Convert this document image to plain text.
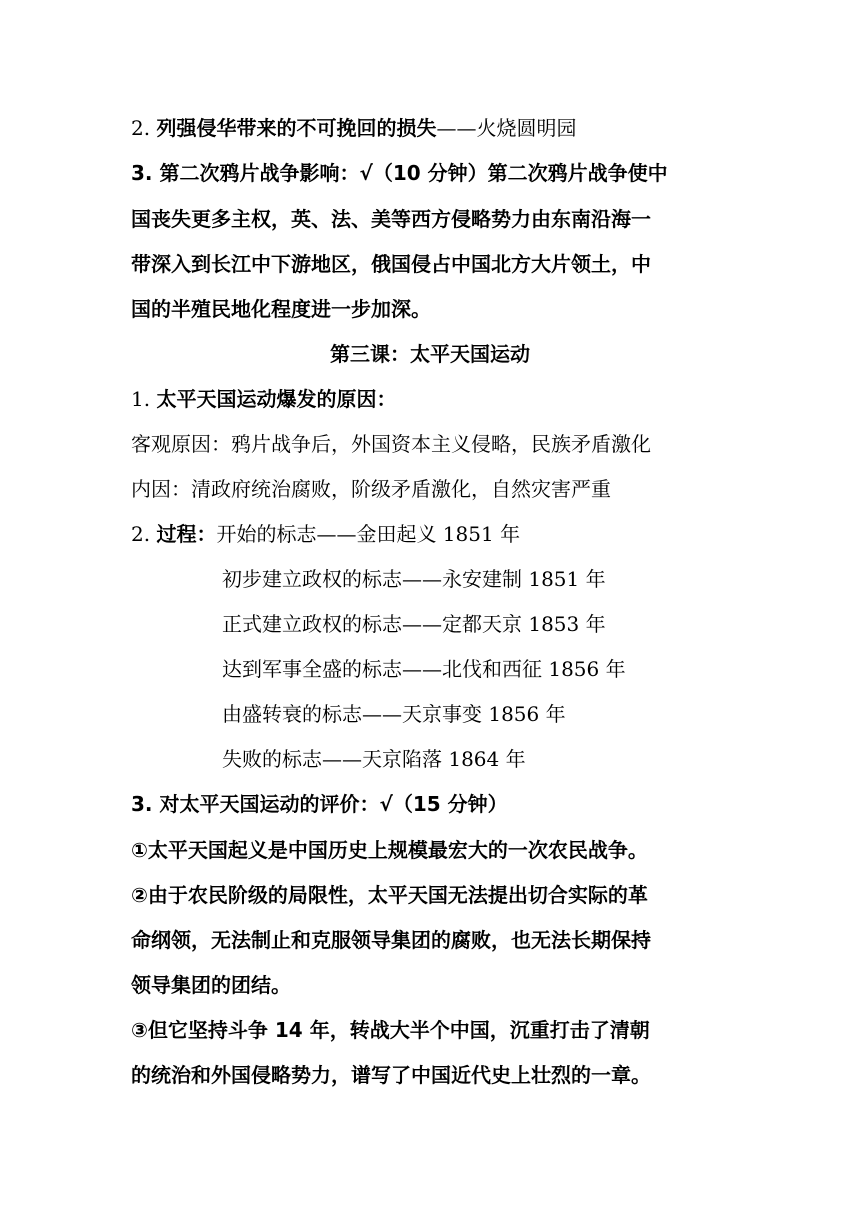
2. 列强侵华带来的不可挽回的损失——火烧圆明园
3. 第二次鸦片战争影响：√（10 分钟）第二次鸦片战争使中
国丧失更多主权，英、法、美等西方侵略势力由东南沿海一
带深入到长江中下游地区，俄国侵占中国北方大片领土，中
国的半殖民地化程度进一步加深。
第三课：太平天国运动
1. 太平天国运动爆发的原因：
客观原因：鸦片战争后，外国资本主义侵略，民族矛盾激化
内因：清政府统治腐败，阶级矛盾激化，自然灾害严重
2. 过程：开始的标志——金田起义 1851 年
初步建立政权的标志——永安建制 1851 年
正式建立政权的标志——定都天京 1853 年
达到军事全盛的标志——北伐和西征 1856 年
由盛转衰的标志——天京事变 1856 年
失败的标志——天京陷落 1864 年
3. 对太平天国运动的评价：√（15 分钟）
①太平天国起义是中国历史上规模最宏大的一次农民战争。
②由于农民阶级的局限性，太平天国无法提出切合实际的革
命纲领，无法制止和克服领导集团的腐败，也无法长期保持
领导集团的团结。
③但它坚持斗争 14 年，转战大半个中国，沉重打击了清朝
的统治和外国侵略势力，谱写了中国近代史上壮烈的一章。
